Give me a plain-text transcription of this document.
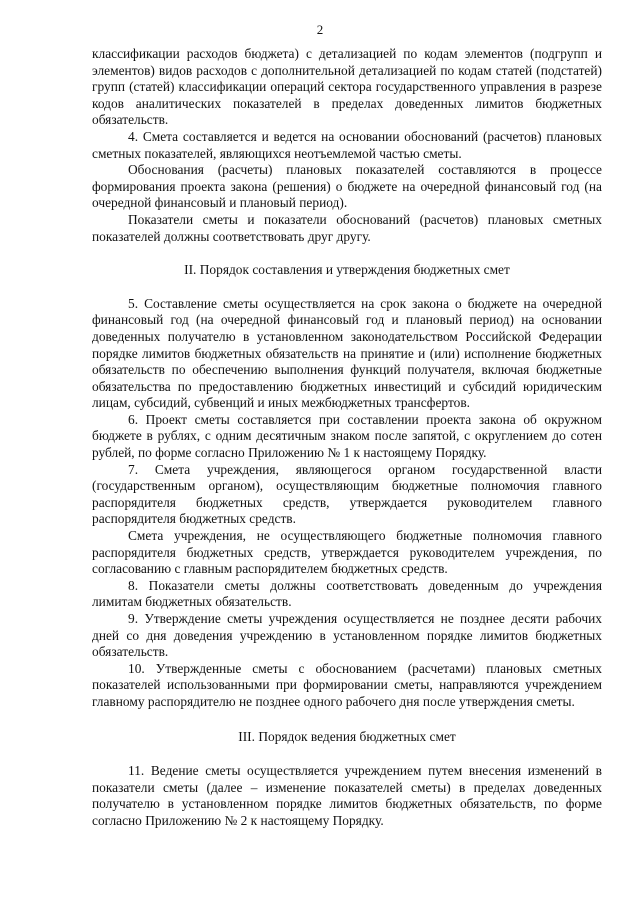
2

классификации расходов бюджета) с детализацией по кодам элементов (подгрупп и элементов) видов расходов с дополнительной детализацией по кодам статей (подстатей) групп (статей) классификации операций сектора государственного управления в разрезе кодов аналитических показателей в пределах доведенных лимитов бюджетных обязательств.

4. Смета составляется и ведется на основании обоснований (расчетов) плановых сметных показателей, являющихся неотъемлемой частью сметы.

Обоснования (расчеты) плановых показателей составляются в процессе формирования проекта закона (решения) о бюджете на очередной финансовый год (на очередной финансовый и плановый период).

Показатели сметы и показатели обоснований (расчетов) плановых сметных показателей должны соответствовать друг другу.

II. Порядок составления и утверждения бюджетных смет

5. Составление сметы осуществляется на срок закона о бюджете на очередной финансовый год (на очередной финансовый год и плановый период) на основании доведенных получателю в установленном законодательством Российской Федерации порядке лимитов бюджетных обязательств на принятие и (или) исполнение бюджетных обязательств по обеспечению выполнения функций получателя, включая бюджетные обязательства по предоставлению бюджетных инвестиций и субсидий юридическим лицам, субсидий, субвенций и иных межбюджетных трансфертов.

6. Проект сметы составляется при составлении проекта закона об окружном бюджете в рублях, с одним десятичным знаком после запятой, с округлением до сотен рублей, по форме согласно Приложению № 1 к настоящему Порядку.

7. Смета учреждения, являющегося органом государственной власти (государственным органом), осуществляющим бюджетные полномочия главного распорядителя бюджетных средств, утверждается руководителем главного распорядителя бюджетных средств.

Смета учреждения, не осуществляющего бюджетные полномочия главного распорядителя бюджетных средств, утверждается руководителем учреждения, по согласованию с главным распорядителем бюджетных средств.

8. Показатели сметы должны соответствовать доведенным до учреждения лимитам бюджетных обязательств.

9. Утверждение сметы учреждения осуществляется не позднее десяти рабочих дней со дня доведения учреждению в установленном порядке лимитов бюджетных обязательств.

10. Утвержденные сметы с обоснованием (расчетами) плановых сметных показателей использованными при формировании сметы, направляются учреждением главному распорядителю не позднее одного рабочего дня после утверждения сметы.

III. Порядок ведения бюджетных смет

11. Ведение сметы осуществляется учреждением путем внесения изменений в показатели сметы (далее – изменение показателей сметы) в пределах доведенных получателю в установленном порядке лимитов бюджетных обязательств, по форме согласно Приложению № 2 к настоящему Порядку.
